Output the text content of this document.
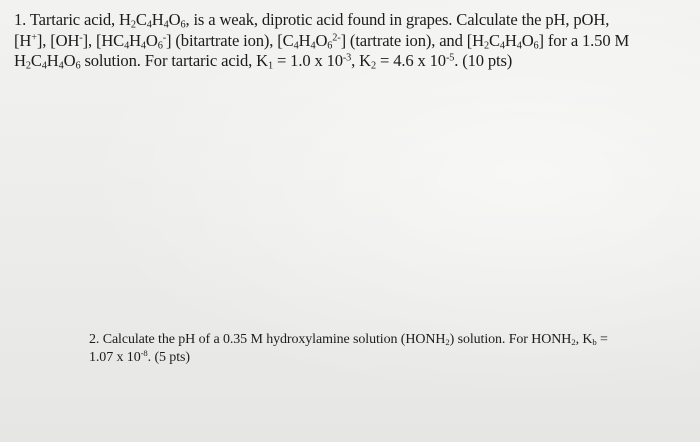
1. Tartaric acid, $H_2C_4H_4O_6$, is a weak, diprotic acid found in grapes. Calculate the pH, pOH,
[H+], [OH-], $[HC_4H_4O_6^-]$ (bitartrate ion), $[C_4H_4O_6^{2-}]$ (tartrate ion), and $[H_2C_4H_4O_6]$ for a 1.50 M
$H_2C_4H_4O_6$ solution. For tartaric acid, $K_1 = 1.0$ x $10^{-3}$, $K_2 = 4.6$ x $10^{-5}$. (10 pts)
2. Calculate the pH of a 0.35 M hydroxylamine solution $(HONH_2)$ solution. For $HONH_2$, $K_b$ =
1.07 x $10^{-8}$. (5 pts)
